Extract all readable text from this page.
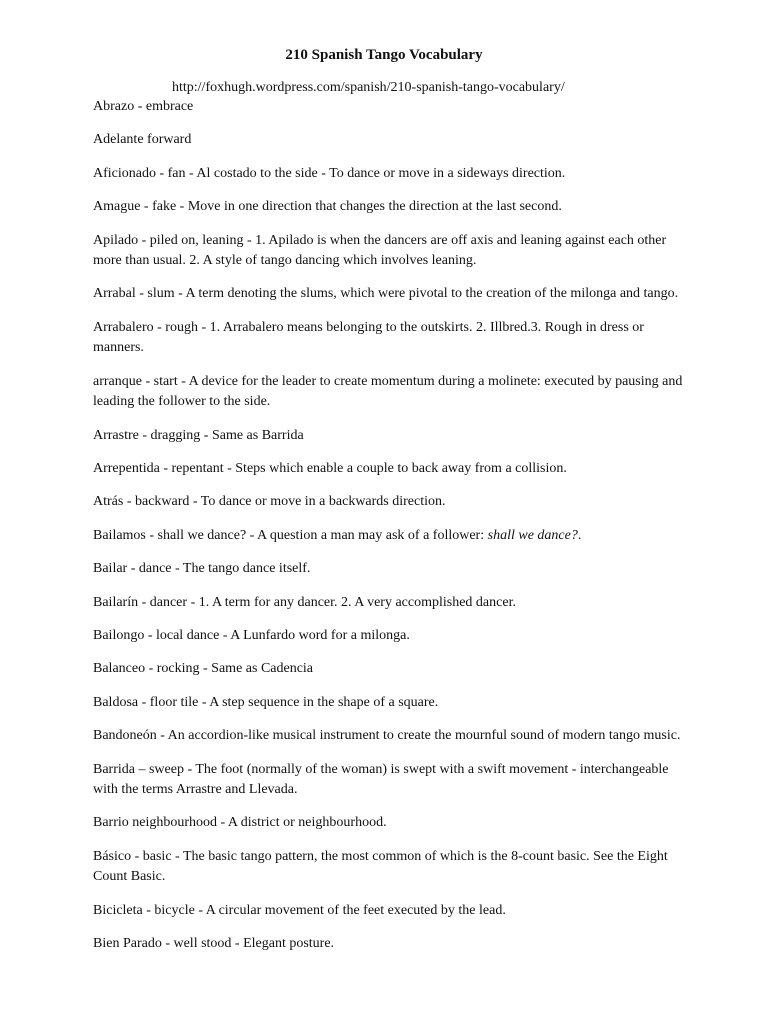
210 Spanish Tango Vocabulary
http://foxhugh.wordpress.com/spanish/210-spanish-tango-vocabulary/

Abrazo - embrace

Adelante forward

Aficionado - fan - Al costado to the side - To dance or move in a sideways direction.

Amague - fake - Move in one direction that changes the direction at the last second.

Apilado - piled on, leaning - 1. Apilado is when the dancers are off axis and leaning against each other more than usual. 2. A style of tango dancing which involves leaning.

Arrabal - slum - A term denoting the slums, which were pivotal to the creation of the milonga and tango.

Arrabalero - rough - 1. Arrabalero means belonging to the outskirts. 2. Illbred.3. Rough in dress or manners.

arranque - start - A device for the leader to create momentum during a molinete: executed by pausing and leading the follower to the side.

Arrastre - dragging - Same as Barrida

Arrepentida - repentant - Steps which enable a couple to back away from a collision.

Atrás - backward - To dance or move in a backwards direction.

Bailamos - shall we dance? - A question a man may ask of a follower: shall we dance?.

Bailar - dance - The tango dance itself.

Bailarín - dancer - 1. A term for any dancer. 2. A very accomplished dancer.

Bailongo - local dance - A Lunfardo word for a milonga.

Balanceo - rocking - Same as Cadencia

Baldosa - floor tile - A step sequence in the shape of a square.

Bandoneón - An accordion-like musical instrument to create the mournful sound of modern tango music.

Barrida – sweep - The foot (normally of the woman) is swept with a swift movement - interchangeable with the terms Arrastre and Llevada.

Barrio neighbourhood - A district or neighbourhood.

Básico - basic - The basic tango pattern, the most common of which is the 8-count basic. See the Eight Count Basic.

Bicicleta - bicycle - A circular movement of the feet executed by the lead.

Bien Parado - well stood - Elegant posture.
